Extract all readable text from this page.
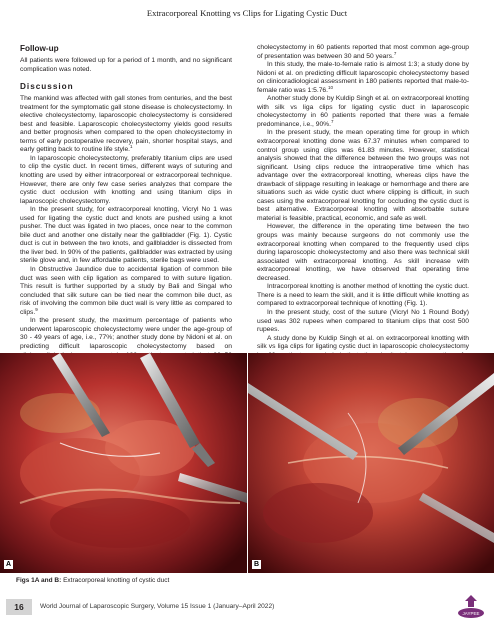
Extracorporeal Knotting vs Clips for Ligating Cystic Duct
Follow-up

All patients were followed up for a period of 1 month, and no significant complication was noted.

Discussion

The mankind was affected with gall stones from centuries, and the best treatment for the symptomatic gall stone disease is cholecystectomy. In elective cholecystectomy, laparoscopic cholecystectomy is considered best and feasible. Laparoscopic cholecystectomy yields good results and better prognosis when compared to the open cholecystectomy in terms of early postoperative recovery, pain, shorter hospital stays, and early getting back to routine life style.$^1$

In laparoscopic cholecystectomy, preferably titanium clips are used to clip the cystic duct. In recent times, different ways of suturing and knotting are used by either intracorporeal or extracorporeal technique. However, there are only few case series analyzes that compare the cystic duct occlusion with knotting and using titanium clips in laparoscopic cholecystectomy.

In the present study, for extracorporeal knotting, Vicryl No 1 was used for ligating the cystic duct and knots are pushed using a knot pusher. The duct was ligated in two places, once near to the common bile duct and another one distally near the gallbladder (Fig. 1). Cystic duct is cut in between the two knots, and gallbladder is dissected from the liver bed. In 90% of the patients, gallbladder was extracted by using sterile glove and, in few affordable patients, sterile bags were used.

In Obstructive Jaundice due to accidental ligation of common bile duct was seen with clip ligation as compared to with suture ligation. This result is further supported by a study by Bali and Singal who concluded that silk suture can be tied near the common bile duct, as risk of involving the common bile duct wall is very little as compared to clips.$^9$

In the present study, the maximum percentage of patients who underwent laparoscopic cholecystectomy were under the age-group of 30 - 49 years of age, i.e., 77%; another study done by Nidoni et al. on predicting difficult laparoscopic cholecystectomy based on

cholecystectomy in 60 patients reported that most common age-group of presentation was between 30 and 50 years.$^7$

In this study, the male-to-female ratio is almost 1:3; a study done by Nidoni et al. on predicting difficult laparoscopic cholecystectomy based on clinicoradiological assessment in 180 patients reported that male-to-female ratio was 1:5.76.10

Another study done by Kuldip Singh et al. on extracorporeal knotting with silk vs liga clips for ligating cystic duct in laparoscopic cholecystectomy in 60 patients reported that there was a female predominance, i.e., 90%.$^7$

In the present study, the mean operating time for group in which extracorporeal knotting done was 67.37 minutes when compared to control group using clips was 61.83 minutes. However, statistical analysis showed that the difference between the two groups was not significant. Using clips reduce the intraoperative time which has advantage over the extracorporeal knotting, whereas clips have the drawback of slippage resulting in leakage or hemorrhage and there are situations such as wide cystic duct where clipping is difficult, in such cases using the extracorporeal knotting for occluding the cystic duct is best alternative. Extracorporeal knotting with absorbable suture material is feasible, practical, economic, and safe as well.

However, the difference in the operating time between the two groups was mainly because surgeons do not commonly use the extracorporeal knotting when compared to the frequently used clips during laparoscopic cholecystectomy and also there was technical skill associated with extracorporeal knotting. As skill increase with extracorporeal knotting, we have observed that operating time decreased.

Intracorporeal knotting is another method of knotting the cystic duct. There is a need to learn the skill, and it is little difficult while knotting as compared to extracorporeal technique of knotting (Fig. 1).

In the present study, cost of the suture (Vicryl No 1 Round Body) used was 302 rupees when compared to titanium clips that cost 500 rupees.

A study done by Kuldip Singh et al. on extracorporeal knotting with silk vs liga clips for ligating cystic duct in laparoscopic cholecystectomy

A	B
Figs 1A and B: Extracorporeal knotting of cystic duct
16	World Journal of Laparoscopic Surgery, Volume 15 Issue 1 (January–April 2022)
JAYPEE
